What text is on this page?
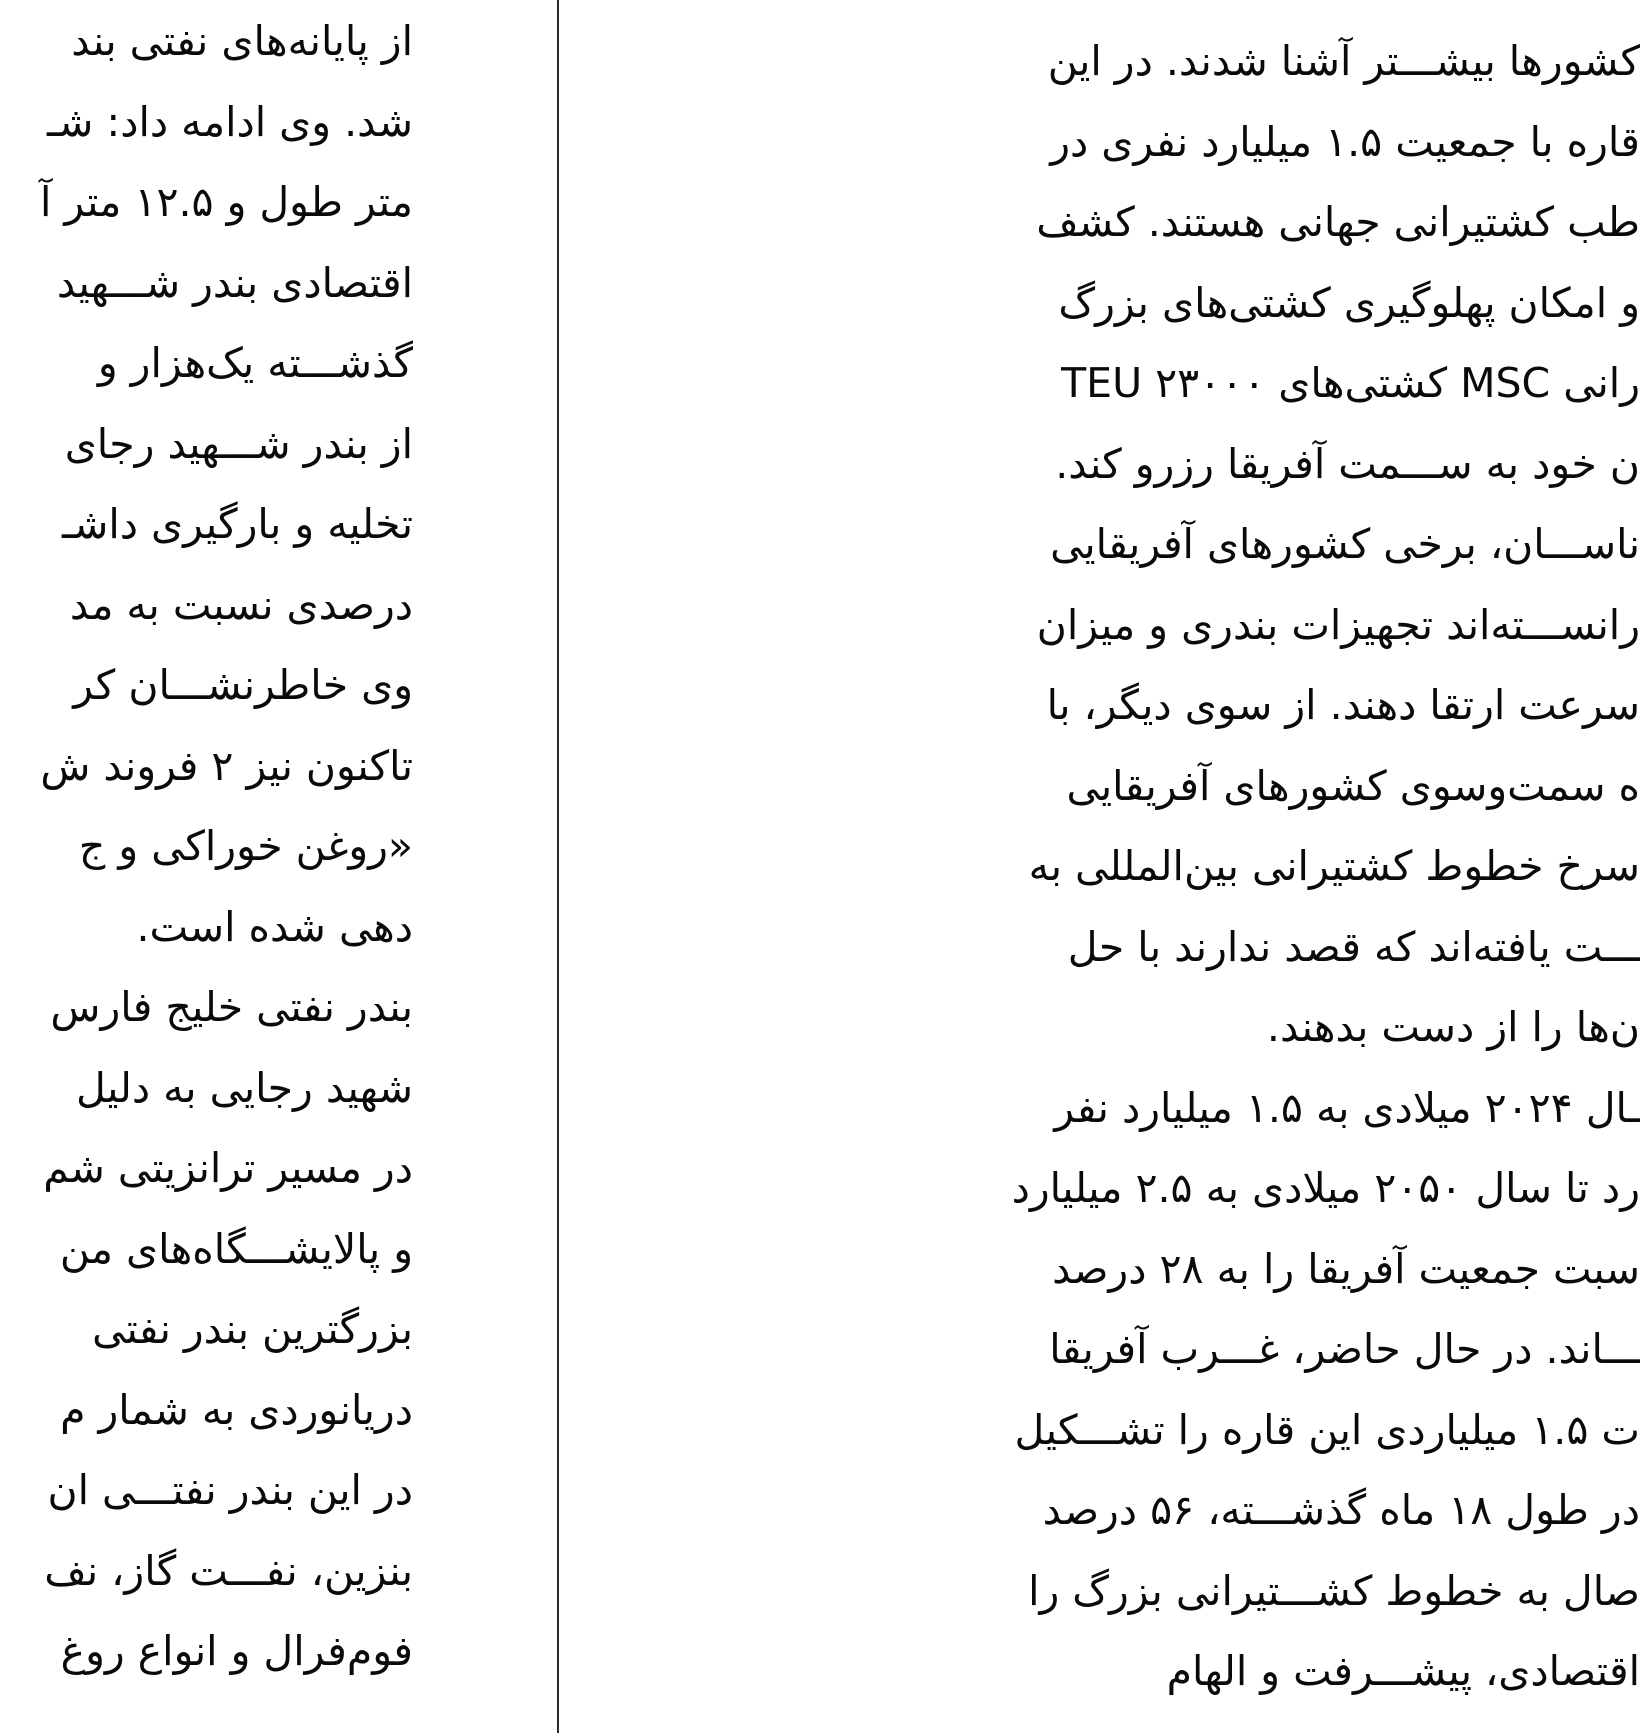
از پایانه‌های نفتی بند
شد. وی ادامه داد: شـ
متر طول و ۱۲.۵ متر آ
اقتصادی بندر شـــهید
گذشـــته یک‌هزار و
از بندر شـــهید رجای
تخلیه و بارگیری داشـ
درصدی نسبت به مد
وی خاطرنشـــان کر
تاکنون نیز ۲ فروند ش
«روغن خوراکی و ج
دهی شده است.
بندر نفتی خلیج فارس
شهید رجایی به دلیل
در مسیر ترانزیتی شم
و پالایشـــگاه‌های من
بزرگترین بندر نفتی
دریانوردی به شمار م
در این بندر نفتـــی ان
بنزین، نفـــت گاز، نف
فوم‌فرال و انواع روغ
کشورها بیشـــتر آشنا شدند. در این
قاره با جمعیت ۱.۵ میلیارد نفری در
طب کشتیرانی جهانی هستند. کشف
و امکان پهلوگیری کشتی‌های بزرگ
رانی MSC کشتی‌های TEU ۲۳۰۰۰
ن خود به ســـمت آفریقا رزرو کند.
ناســـان، برخی کشورهای آفریقایی
رانســـته‌اند تجهیزات بندری و میزان
سرعت ارتقا دهند. از سوی دیگر، با
ه سمت‌وسوی کشورهای آفریقایی
سرخ خطوط کشتیرانی بین‌المللی به
ـــت یافته‌اند که قصد ندارند با حل
ن‌ها را از دست بدهند.
ـال ۲۰۲۴ میلادی به ۱.۵ میلیارد نفر
رد تا سال ۲۰۵۰ میلادی به ۲.۵ میلیارد
سبت جمعیت آفریقا را به ۲۸ درصد
ـــاند. در حال حاضر، غـــرب آفریقا
ت ۱.۵ میلیاردی این قاره را تشـــکیل
در طول ۱۸ ماه گذشـــته، ۵۶ درصد
صال به خطوط کشـــتیرانی بزرگ را
اقتصادی، پیشـــرفت و الهام
